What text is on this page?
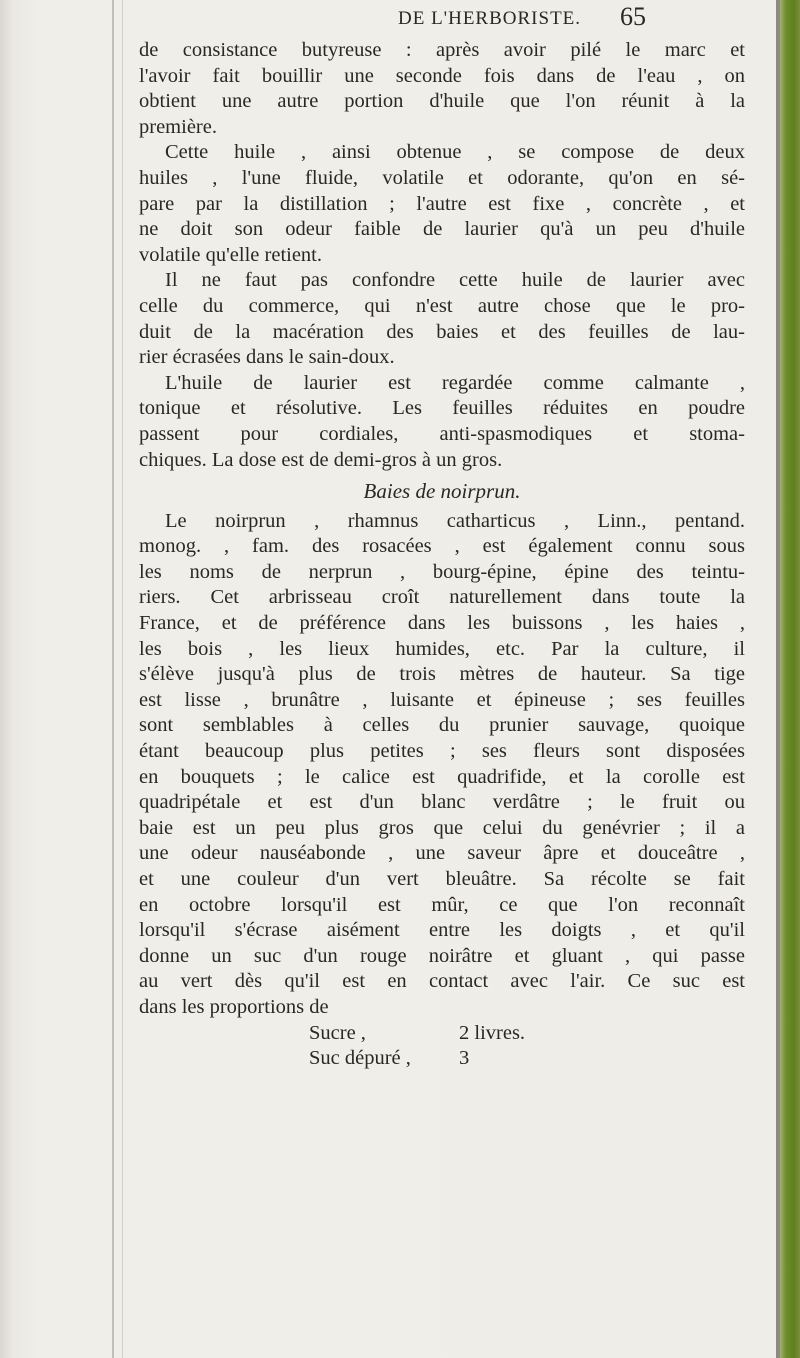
DE L'HERBORISTE. 65
de consistance butyreuse : après avoir pilé le marc et
l'avoir fait bouillir une seconde fois dans de l'eau , on
obtient une autre portion d'huile que l'on réunit à la
première.
Cette huile , ainsi obtenue , se compose de deux
huiles , l'une fluide, volatile et odorante, qu'on en sé-
pare par la distillation ; l'autre est fixe , concrète , et
ne doit son odeur faible de laurier qu'à un peu d'huile
volatile qu'elle retient.
Il ne faut pas confondre cette huile de laurier avec
celle du commerce, qui n'est autre chose que le pro-
duit de la macération des baies et des feuilles de lau-
rier écrasées dans le sain-doux.
L'huile de laurier est regardée comme calmante ,
tonique et résolutive. Les feuilles réduites en poudre
passent pour cordiales, anti-spasmodiques et stoma-
chiques. La dose est de demi-gros à un gros.
Baies de noirprun.
Le noirprun , rhamnus catharticus , Linn., pentand.
monog. , fam. des rosacées , est également connu sous
les noms de nerprun , bourg-épine, épine des teintu-
riers. Cet arbrisseau croît naturellement dans toute la
France, et de préférence dans les buissons , les haies ,
les bois , les lieux humides, etc. Par la culture, il
s'élève jusqu'à plus de trois mètres de hauteur. Sa tige
est lisse , brunâtre , luisante et épineuse ; ses feuilles
sont semblables à celles du prunier sauvage, quoique
étant beaucoup plus petites ; ses fleurs sont disposées
en bouquets ; le calice est quadrifide, et la corolle est
quadripétale et est d'un blanc verdâtre ; le fruit ou
baie est un peu plus gros que celui du genévrier ; il a
une odeur nauséabonde , une saveur âpre et douceâtre ,
et une couleur d'un vert bleuâtre. Sa récolte se fait
en octobre lorsqu'il est mûr, ce que l'on reconnaît
lorsqu'il s'écrase aisément entre les doigts , et qu'il
donne un suc d'un rouge noirâtre et gluant , qui passe
au vert dès qu'il est en contact avec l'air. Ce suc est
dans les proportions de
Sucre ,	2 livres.
Suc dépuré ,	3
